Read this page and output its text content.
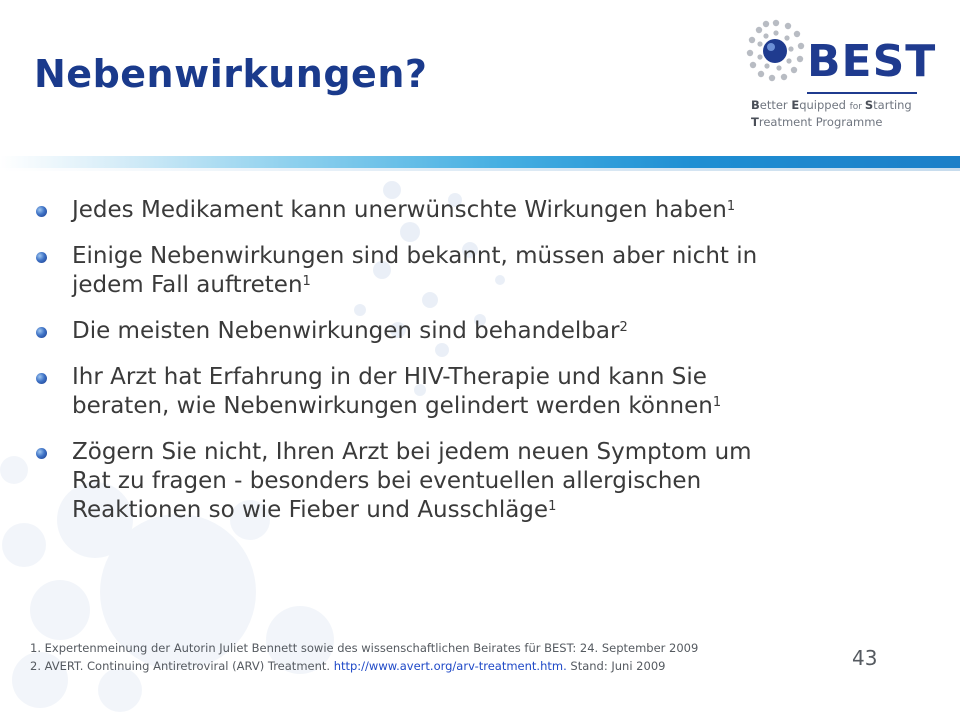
Nebenwirkungen?	BEST
Better Equipped for Starting
Treatment Programme
Jedes Medikament kann unerwünschte Wirkungen haben$^1$
Einige Nebenwirkungen sind bekannt, müssen aber nicht in
jedem Fall auftreten$^1$
Die meisten Nebenwirkungen sind behandelbar$^2$
Ihr Arzt hat Erfahrung in der HIV-Therapie und kann Sie
beraten, wie Nebenwirkungen gelindert werden können$^1$
Zögern Sie nicht, Ihren Arzt bei jedem neuen Symptom um
Rat zu fragen - besonders bei eventuellen allergischen
Reaktionen so wie Fieber und Ausschläge$^1$
1. Expertenmeinung der Autorin Juliet Bennett sowie des wissenschaftlichen Beirates für BEST: 24. September 2009
2. AVERT. Continuing Antiretroviral (ARV) Treatment. http://www.avert.org/arv-treatment.htm. Stand: Juni 2009	43
